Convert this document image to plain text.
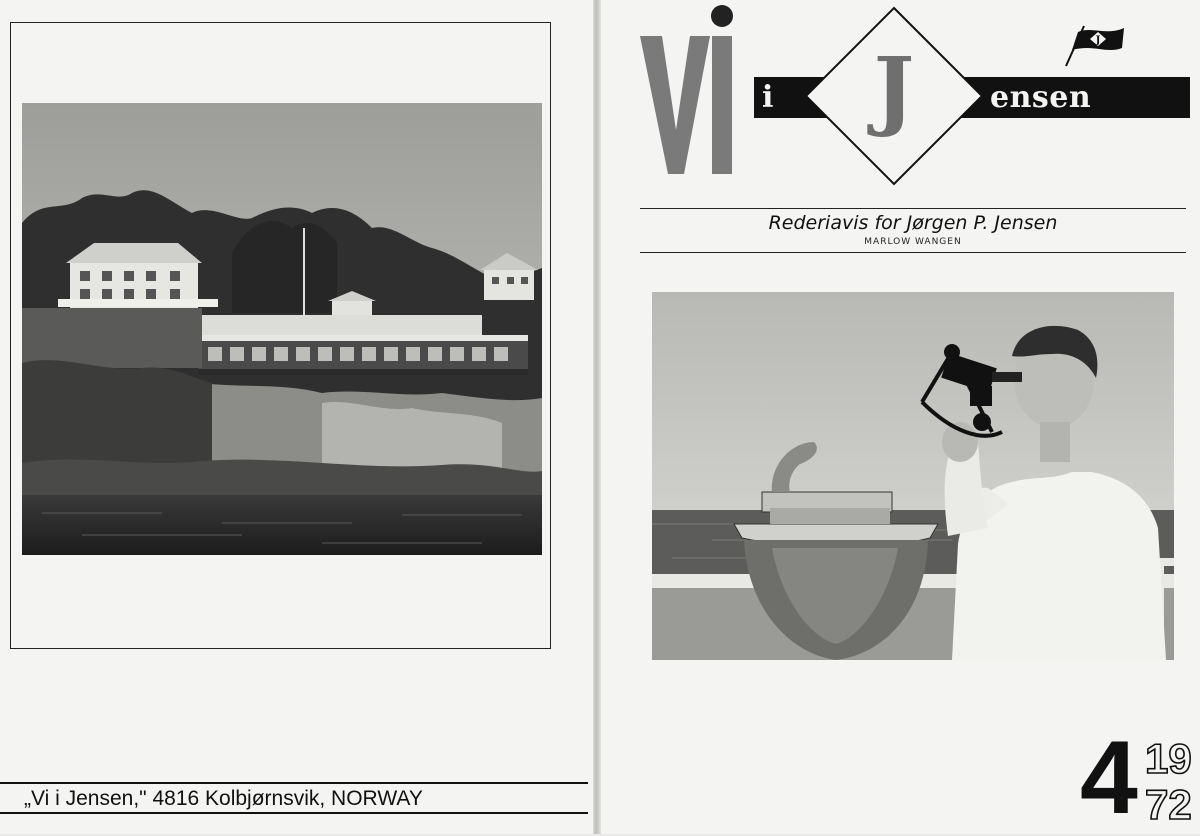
„Vi i Jensen," 4816 Kolbjørnsvik, NORWAY
i	J	ensen
J
Rederiavis for Jørgen P. Jensen
MARLOW WANGEN
4 19
72
